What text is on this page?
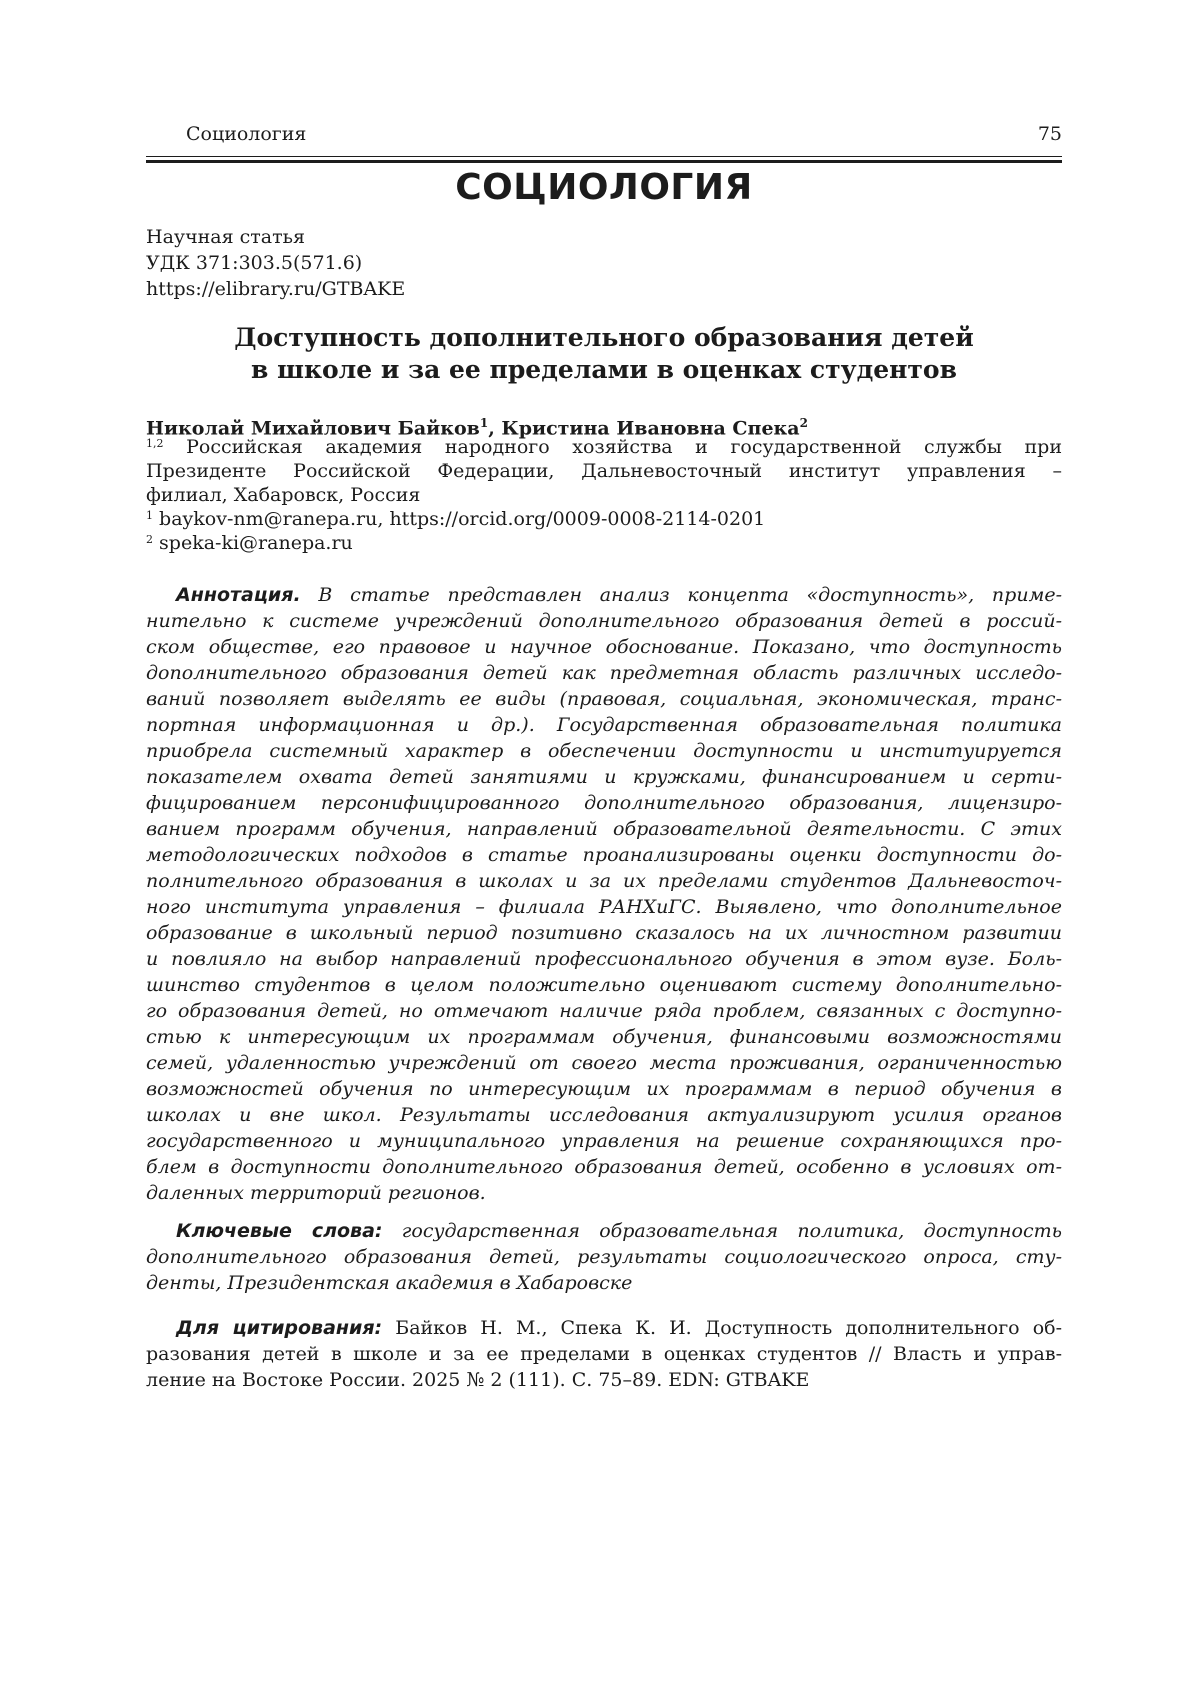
Социология	75
СОЦИОЛОГИЯ
Научная статья
УДК 371:303.5(571.6)
https://elibrary.ru/GTBAKE
Доступность дополнительного образования детей
в школе и за ее пределами в оценках студентов
Николай Михайлович Байков$^1$, Кристина Ивановна Спека$^2$
$^{1,2}$ Российская академия народного хозяйства и государственной службы при
Президенте Российской Федерации, Дальневосточный институт управления –
филиал, Хабаровск, Россия
$^1$ baykov-nm@ranepa.ru, https://orcid.org/0009-0008-2114-0201
$^2$ speka-ki@ranepa.ru
Аннотация. В статье представлен анализ концепта «доступность», приме-
нительно к системе учреждений дополнительного образования детей в россий-
ском обществе, его правовое и научное обоснование. Показано, что доступность
дополнительного образования детей как предметная область различных исследо-
ваний позволяет выделять ее виды (правовая, социальная, экономическая, транс-
портная информационная и др.). Государственная образовательная политика
приобрела системный характер в обеспечении доступности и институируется
показателем охвата детей занятиями и кружками, финансированием и серти-
фицированием персонифицированного дополнительного образования, лицензиро-
ванием программ обучения, направлений образовательной деятельности. С этих
методологических подходов в статье проанализированы оценки доступности до-
полнительного образования в школах и за их пределами студентов Дальневосточ-
ного института управления – филиала РАНХиГС. Выявлено, что дополнительное
образование в школьный период позитивно сказалось на их личностном развитии
и повлияло на выбор направлений профессионального обучения в этом вузе. Боль-
шинство студентов в целом положительно оценивают систему дополнительно-
го образования детей, но отмечают наличие ряда проблем, связанных с доступно-
стью к интересующим их программам обучения, финансовыми возможностями
семей, удаленностью учреждений от своего места проживания, ограниченностью
возможностей обучения по интересующим их программам в период обучения в
школах и вне школ. Результаты исследования актуализируют усилия органов
государственного и муниципального управления на решение сохраняющихся про-
блем в доступности дополнительного образования детей, особенно в условиях от-
даленных территорий регионов.
Ключевые слова: государственная образовательная политика, доступность
дополнительного образования детей, результаты социологического опроса, сту-
денты, Президентская академия в Хабаровске
Для цитирования: Байков Н. М., Спека К. И. Доступность дополнительного об-
разования детей в школе и за ее пределами в оценках студентов // Власть и управ-
ление на Востоке России. 2025 № 2 (111). С. 75–89. EDN: GTBAKE
